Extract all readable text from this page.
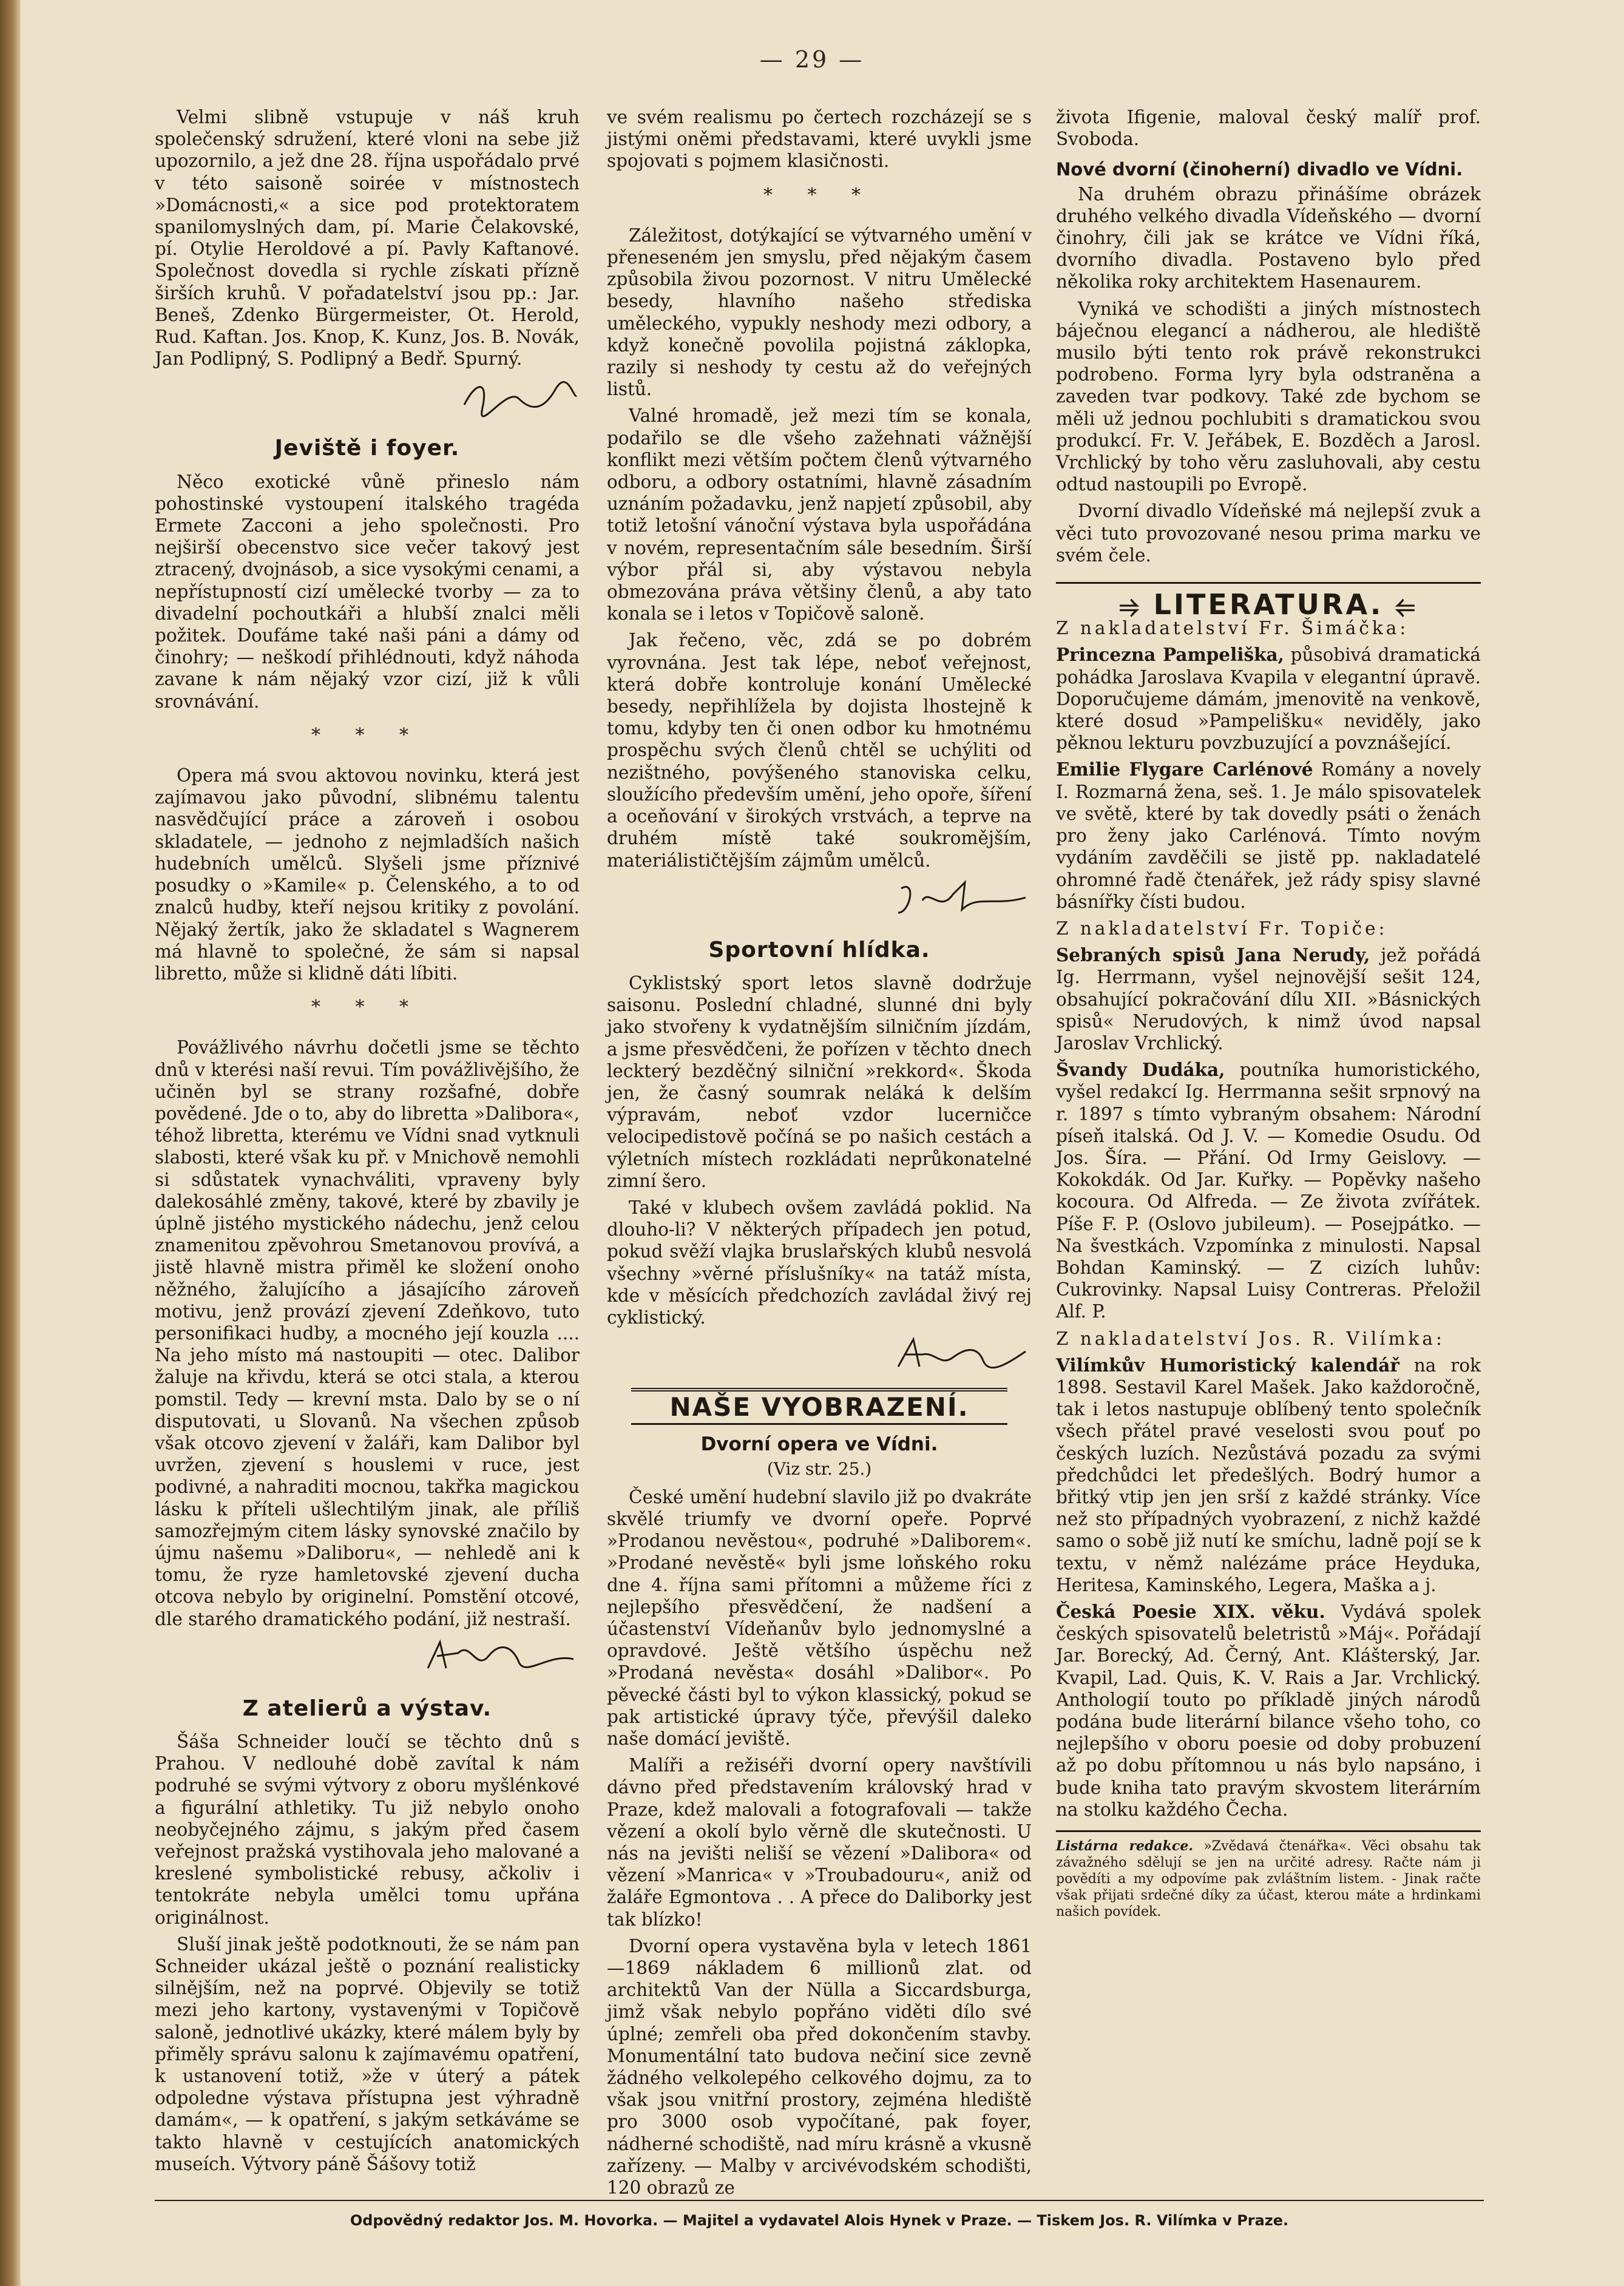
— 29 —

Velmi slibně vstupuje v náš kruh společenský sdružení, které vloni na sebe již upozornilo, a jež dne 28. října uspořádalo prvé v této saisoně soirée v místnostech »Domácnosti,« a sice pod protektoratem spanilomyslných dam, pí. Marie Čelakovské, pí. Otylie Heroldové a pí. Pavly Kaftanové. Společnost dovedla si rychle získati přízně širších kruhů. V pořadatelství jsou pp.: Jar. Beneš, Zdenko Bürgermeister, Ot. Herold, Rud. Kaftan. Jos. Knop, K. Kunz, Jos. B. Novák, Jan Podlipný, S. Podlipný a Bedř. Spurný.

Jeviště i foyer.

Něco exotické vůně přineslo nám pohostinské vystoupení italského tragéda Ermete Zacconi a jeho společnosti. Pro nejširší obecenstvo sice večer takový jest ztracený, dvojnásob, a sice vysokými cenami, a nepřístupností cizí umělecké tvorby — za to divadelní pochoutkáři a hlubší znalci měli požitek. Doufáme také naši páni a dámy od činohry; — neškodí přihlédnouti, když náhoda zavane k nám nějaký vzor cizí, již k vůli srovnávání.

* * *

Opera má svou aktovou novinku, která jest zajímavou jako původní, slibnému talentu nasvědčující práce a zároveň i osobou skladatele, — jednoho z nejmladších našich hudebních umělců. Slyšeli jsme příznivé posudky o »Kamile« p. Čelenského, a to od znalců hudby, kteří nejsou kritiky z povolání. Nějaký žertík, jako že skladatel s Wagnerem má hlavně to společné, že sám si napsal libretto, může si klidně dáti líbiti.

* * *

Povážlivého návrhu dočetli jsme se těchto dnů v kterési naší revui. Tím povážlivějšího, že učiněn byl se strany rozšafné, dobře povědené. Jde o to, aby do libretta »Dalibora«, téhož libretta, kterému ve Vídni snad vytknuli slabosti, které však ku př. v Mnichově nemohli si sdůstatek vynachváliti, vpraveny byly dalekosáhlé změny, takové, které by zbavily je úplně jistého mystického nádechu, jenž celou znamenitou zpěvohrou Smetanovou provívá, a jistě hlavně mistra přiměl ke složení onoho něžného, žalujícího a jásajícího zároveň motivu, jenž provází zjevení Zdeňkovo, tuto personifikaci hudby, a mocného její kouzla .... Na jeho místo má nastoupiti — otec. Dalibor žaluje na křivdu, která se otci stala, a kterou pomstil. Tedy — krevní msta. Dalo by se o ní disputovati, u Slovanů. Na všechen způsob však otcovo zjevení v žaláři, kam Dalibor byl uvržen, zjevení s houslemi v ruce, jest podivné, a nahraditi mocnou, takřka magickou lásku k příteli ušlechtilým jinak, ale příliš samozřejmým citem lásky synovské značilo by újmu našemu »Daliboru«, — nehledě ani k tomu, že ryze hamletovské zjevení ducha otcova nebylo by originelní. Pomstění otcové, dle starého dramatického podání, již nestraší.

Z atelierů a výstav.

Šáša Schneider loučí se těchto dnů s Prahou. V nedlouhé době zavítal k nám podruhé se svými výtvory z oboru myšlénkové a figurální athletiky. Tu již nebylo onoho neobyčejného zájmu, s jakým před časem veřejnost pražská vystihovala jeho malované a kreslené symbolistické rebusy, ačkoliv i tentokráte nebyla umělci tomu upřána originálnost.

Sluší jinak ještě podotknouti, že se nám pan Schneider ukázal ještě o poznání realisticky silnějším, než na poprvé. Objevily se totiž mezi jeho kartony, vystavenými v Topičově saloně, jednotlivé ukázky, které málem byly by přiměly správu salonu k zajímavému opatření, k ustanovení totiž, »že v úterý a pátek odpoledne výstava přístupna jest výhradně damám«, — k opatření, s jakým setkáváme se takto hlavně v cestujících anatomických museích. Výtvory páně Šášovy totiž

ve svém realismu po čertech rozcházejí se s jistými oněmi představami, které uvykli jsme spojovati s pojmem klasičnosti.

* * *

Záležitost, dotýkající se výtvarného umění v přeneseném jen smyslu, před nějakým časem způsobila živou pozornost. V nitru Umělecké besedy, hlavního našeho střediska uměleckého, vypukly neshody mezi odbory, a když konečně povolila pojistná záklopka, razily si neshody ty cestu až do veřejných listů.

Valné hromadě, jež mezi tím se konala, podařilo se dle všeho zažehnati vážnější konflikt mezi větším počtem členů výtvarného odboru, a odbory ostatními, hlavně zásadním uznáním požadavku, jenž napjetí způsobil, aby totiž letošní vánoční výstava byla uspořádána v novém, representačním sále besedním. Širší výbor přál si, aby výstavou nebyla obmezována práva většiny členů, a aby tato konala se i letos v Topičově saloně.

Jak řečeno, věc, zdá se po dobrém vyrovnána. Jest tak lépe, neboť veřejnost, která dobře kontroluje konání Umělecké besedy, nepřihlížela by dojista lhostejně k tomu, kdyby ten či onen odbor ku hmotnému prospěchu svých členů chtěl se uchýliti od nezištného, povýšeného stanoviska celku, sloužícího především umění, jeho opoře, šíření a oceňování v širokých vrstvách, a teprve na druhém místě také soukromějším, materiálističtějším zájmům umělců.

Sportovní hlídka.

Cyklistský sport letos slavně dodržuje saisonu. Poslední chladné, slunné dni byly jako stvořeny k vydatnějším silničním jízdám, a jsme přesvědčeni, že pořízen v těchto dnech leckterý bezděčný silniční »rekkord«. Škoda jen, že časný soumrak neláká k delším výpravám, neboť vzdor lucerničce velocipedistově počíná se po našich cestách a výletních místech rozkládati neprůkonatelné zimní šero.

Také v klubech ovšem zavládá poklid. Na dlouho-li? V některých případech jen potud, pokud svěží vlajka bruslařských klubů nesvolá všechny »věrné příslušníky« na tatáž místa, kde v měsících předchozích zavládal živý rej cyklistický.

NAŠE VYOBRAZENÍ.
Dvorní opera ve Vídni.
(Viz str. 25.)

České umění hudební slavilo již po dvakráte skvělé triumfy ve dvorní opeře. Poprvé »Prodanou nevěstou«, podruhé »Daliborem«. »Prodané nevěstě« byli jsme loňského roku dne 4. října sami přítomni a můžeme říci z nejlepšího přesvědčení, že nadšení a účastenství Vídeňanův bylo jednomyslné a opravdové. Ještě většího úspěchu než »Prodaná nevěsta« dosáhl »Dalibor«. Po pěvecké části byl to výkon klassický, pokud se pak artistické úpravy týče, převýšil daleko naše domácí jeviště.

Malíři a režiséři dvorní opery navštívili dávno před představením královský hrad v Praze, kdež malovali a fotografovali — takže vězení a okolí bylo věrně dle skutečnosti. U nás na jevišti neliší se vězení »Dalibora« od vězení »Manrica« v »Troubadouru«, aniž od žaláře Egmontova . . A přece do Daliborky jest tak blízko!

Dvorní opera vystavěna byla v letech 1861—1869 nákladem 6 millionů zlat. od architektů Van der Nülla a Siccardsburga, jimž však nebylo popřáno viděti dílo své úplné; zemřeli oba před dokončením stavby. Monumentální tato budova nečiní sice zevně žádného velkolepého celkového dojmu, za to však jsou vnitřní prostory, zejména hlediště pro 3000 osob vypočítané, pak foyer, nádherné schodiště, nad míru krásně a vkusně zařízeny. — Malby v arcivévodském schodišti, 120 obrazů ze

života Ifigenie, maloval český malíř prof. Svoboda.

Nové dvorní (činoherní) divadlo ve Vídni.

Na druhém obrazu přinášíme obrázek druhého velkého divadla Vídeňského — dvorní činohry, čili jak se krátce ve Vídni říká, dvorního divadla. Postaveno bylo před několika roky architektem Hasenaurem.

Vyniká ve schodišti a jiných místnostech báječnou elegancí a nádherou, ale hlediště musilo býti tento rok právě rekonstrukci podrobeno. Forma lyry byla odstraněna a zaveden tvar podkovy. Také zde bychom se měli už jednou pochlubiti s dramatickou svou produkcí. Fr. V. Jeřábek, E. Bozděch a Jarosl. Vrchlický by toho věru zasluhovali, aby cestu odtud nastoupili po Evropě.

Dvorní divadlo Vídeňské má nejlepší zvuk a věci tuto provozované nesou prima marku ve svém čele.

⥤ LITERATURA. ⥢

Z nakladatelství Fr. Šimáčka:

Princezna Pampeliška, působivá dramatická pohádka Jaroslava Kvapila v elegantní úpravě. Doporučujeme dámám, jmenovitě na venkově, které dosud »Pampelišku« neviděly, jako pěknou lekturu povzbuzující a povznášející.

Emilie Flygare Carlénové Romány a novely I. Rozmarná žena, seš. 1. Je málo spisovatelek ve světě, které by tak dovedly psáti o ženách pro ženy jako Carlénová. Tímto novým vydáním zavděčili se jistě pp. nakladatelé ohromné řadě čtenářek, jež rády spisy slavné básnířky čísti budou.

Z nakladatelství Fr. Topiče:

Sebraných spisů Jana Nerudy, jež pořádá Ig. Herrmann, vyšel nejnovější sešit 124, obsahující pokračování dílu XII. »Básnických spisů« Nerudových, k nimž úvod napsal Jaroslav Vrchlický.

Švandy Dudáka, poutníka humoristického, vyšel redakcí Ig. Herrmanna sešit srpnový na r. 1897 s tímto vybraným obsahem: Národní píseň italská. Od J. V. — Komedie Osudu. Od Jos. Šíra. — Přání. Od Irmy Geislovy. — Kokokdák. Od Jar. Kuřky. — Popěvky našeho kocoura. Od Alfreda. — Ze života zvířátek. Píše F. P. (Oslovo jubileum). — Posejpátko. — Na švestkách. Vzpomínka z minulosti. Napsal Bohdan Kaminský. — Z cizích luhův: Cukrovinky. Napsal Luisy Contreras. Přeložil Alf. P.

Z nakladatelství Jos. R. Vilímka:

Vilímkův Humoristický kalendář na rok 1898. Sestavil Karel Mašek. Jako každoročně, tak i letos nastupuje oblíbený tento společník všech přátel pravé veselosti svou pouť po českých luzích. Nezůstává pozadu za svými předchůdci let předešlých. Bodrý humor a břitký vtip jen jen srší z každé stránky. Více než sto případných vyobrazení, z nichž každé samo o sobě již nutí ke smíchu, ladně pojí se k textu, v němž nalézáme práce Heyduka, Heritesa, Kaminského, Legera, Maška a j.

Česká Poesie XIX. věku. Vydává spolek českých spisovatelů beletristů »Máj«. Pořádají Jar. Borecký, Ad. Černý, Ant. Klášterský, Jar. Kvapil, Lad. Quis, K. V. Rais a Jar. Vrchlický. Anthologií touto po příkladě jiných národů podána bude literární bilance všeho toho, co nejlepšího v oboru poesie od doby probuzení až po dobu přítomnou u nás bylo napsáno, i bude kniha tato pravým skvostem literárním na stolku každého Čecha.

Listárna redakce. »Zvědavá čtenářka«. Věci obsahu tak závažného sdělují se jen na určité adresy. Račte nám ji povědíti a my odpovíme pak zvláštním listem. - Jinak račte však přijati srdečné díky za účast, kterou máte a hrdinkami našich povídek.
Odpovědný redaktor Jos. M. Hovorka. — Majitel a vydavatel Alois Hynek v Praze. — Tiskem Jos. R. Vilímka v Praze.
